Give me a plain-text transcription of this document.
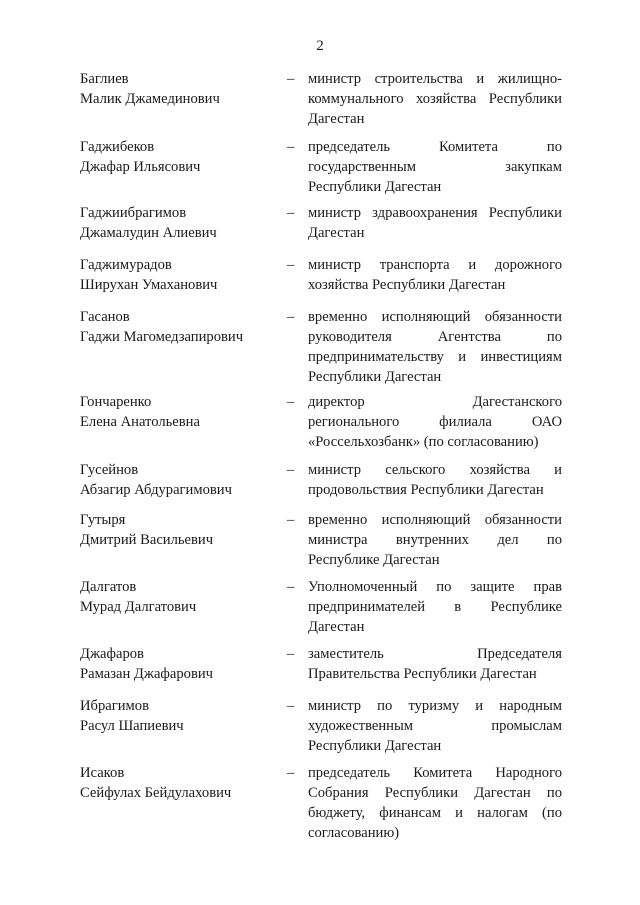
2
Баглиев
Малик Джамединович
– министр строительства и жилищно-
коммунального хозяйства Республики
Дагестан
Гаджибеков
Джафар Ильясович
– председатель Комитета по
государственным закупкам
Республики Дагестан
Гаджиибрагимов
Джамалудин Алиевич
– министр здравоохранения Республики
Дагестан
Гаджимурадов
Ширухан Умаханович
– министр транспорта и дорожного
хозяйства Республики Дагестан
Гасанов
Гаджи Магомедзапирович
– временно исполняющий обязанности
руководителя Агентства по
предпринимательству и инвестициям
Республики Дагестан
Гончаренко
Елена Анатольевна
– директор Дагестанского
регионального филиала ОАО
«Россельхозбанк» (по согласованию)
Гусейнов
Абзагир Абдурагимович
– министр сельского хозяйства и
продовольствия Республики Дагестан
Гутыря
Дмитрий Васильевич
– временно исполняющий обязанности
министра внутренних дел по
Республике Дагестан
Далгатов
Мурад Далгатович
– Уполномоченный по защите прав
предпринимателей в Республике
Дагестан
Джафаров
Рамазан Джафарович
– заместитель Председателя
Правительства Республики Дагестан
Ибрагимов
Расул Шапиевич
– министр по туризму и народным
художественным промыслам
Республики Дагестан
Исаков
Сейфулах Бейдулахович
– председатель Комитета Народного
Собрания Республики Дагестан по
бюджету, финансам и налогам (по
согласованию)
